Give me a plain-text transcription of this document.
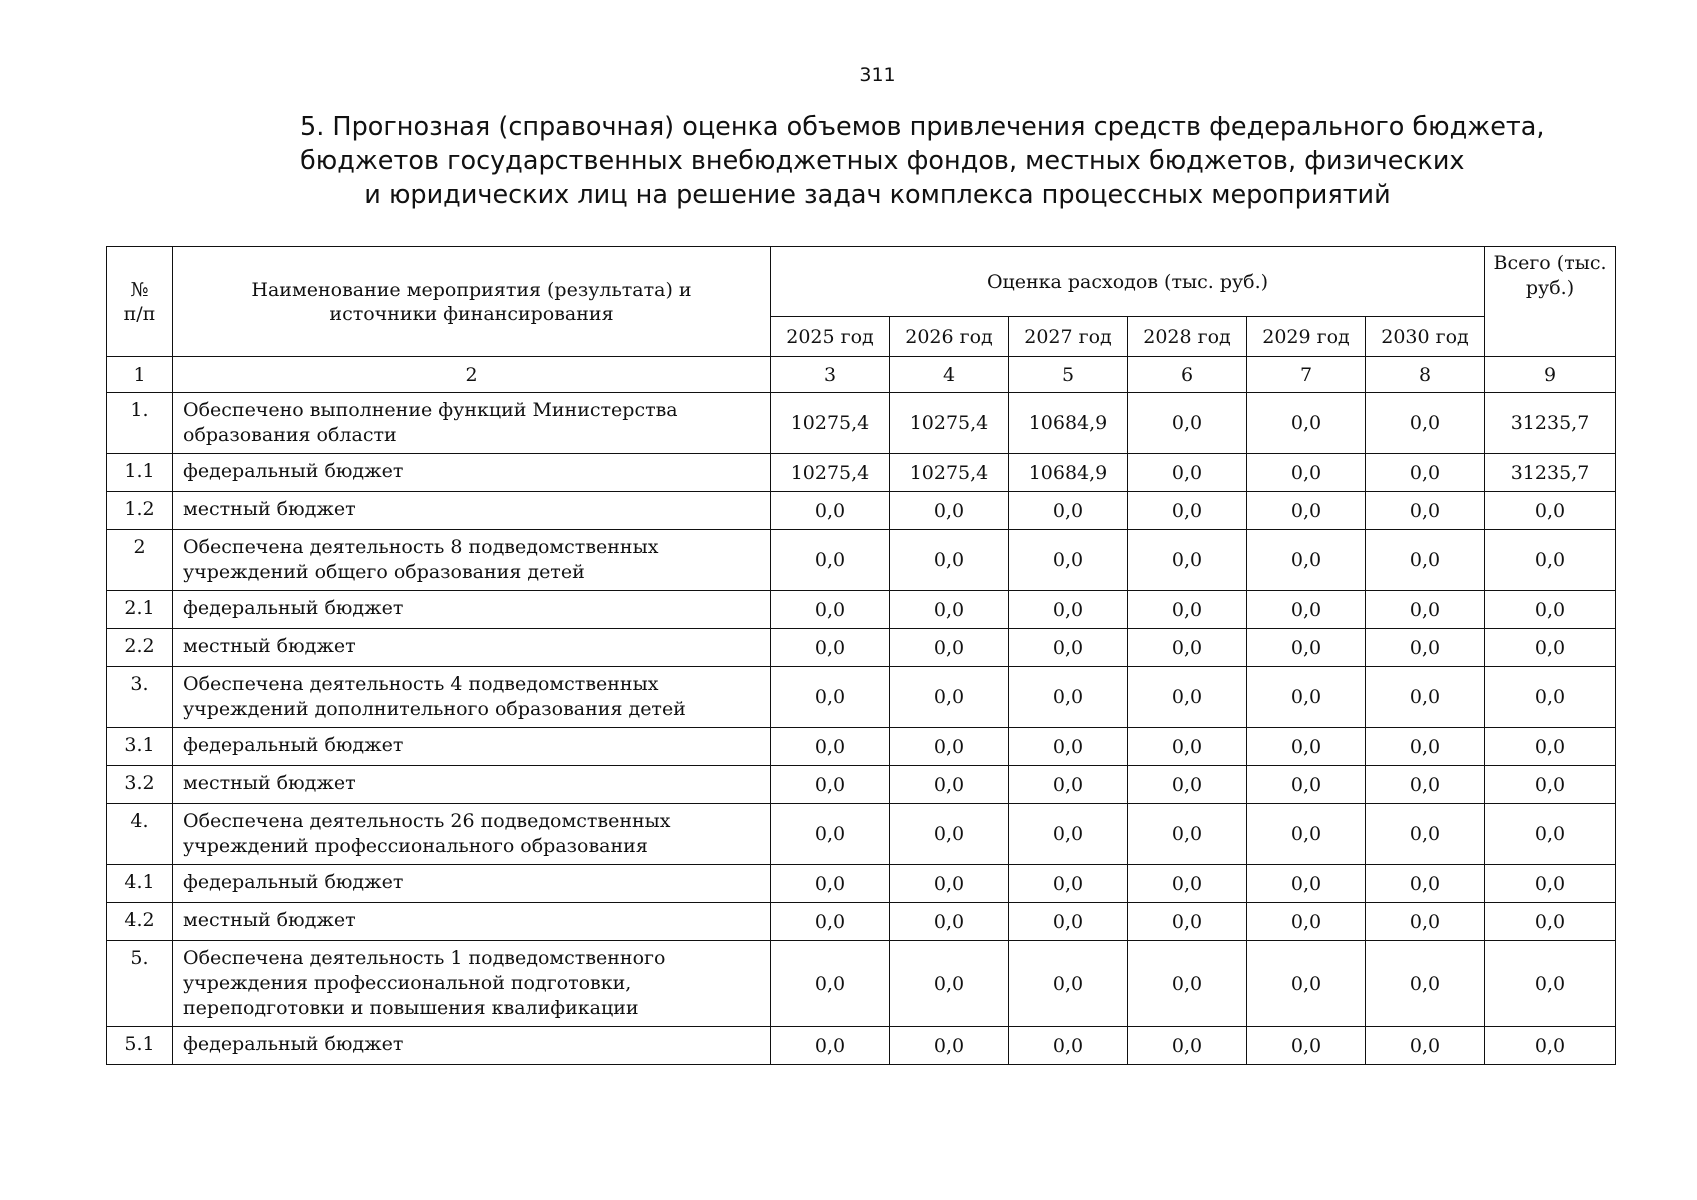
311
5. Прогнозная (справочная) оценка объемов привлечения средств федерального бюджета,
бюджетов государственных внебюджетных фондов, местных бюджетов, физических
и юридических лиц на решение задач комплекса процессных мероприятий
№ п/п	Наименование мероприятия (результата) и источники финансирования	Оценка расходов (тыс. руб.)						Всего (тыс. руб.)
		2025 год	2026 год	2027 год	2028 год	2029 год	2030 год	
1	2	3	4	5	6	7	8	9
1.	Обеспечено выполнение функций Министерства образования области	10275,4	10275,4	10684,9	0,0	0,0	0,0	31235,7
1.1	федеральный бюджет	10275,4	10275,4	10684,9	0,0	0,0	0,0	31235,7
1.2	местный бюджет	0,0	0,0	0,0	0,0	0,0	0,0	0,0
2	Обеспечена деятельность 8 подведомственных учреждений общего образования детей	0,0	0,0	0,0	0,0	0,0	0,0	0,0
2.1	федеральный бюджет	0,0	0,0	0,0	0,0	0,0	0,0	0,0
2.2	местный бюджет	0,0	0,0	0,0	0,0	0,0	0,0	0,0
3.	Обеспечена деятельность 4 подведомственных учреждений дополнительного образования детей	0,0	0,0	0,0	0,0	0,0	0,0	0,0
3.1	федеральный бюджет	0,0	0,0	0,0	0,0	0,0	0,0	0,0
3.2	местный бюджет	0,0	0,0	0,0	0,0	0,0	0,0	0,0
4.	Обеспечена деятельность 26 подведомственных учреждений профессионального образования	0,0	0,0	0,0	0,0	0,0	0,0	0,0
4.1	федеральный бюджет	0,0	0,0	0,0	0,0	0,0	0,0	0,0
4.2	местный бюджет	0,0	0,0	0,0	0,0	0,0	0,0	0,0
5.	Обеспечена деятельность 1 подведомственного учреждения профессиональной подготовки, переподготовки и повышения квалификации	0,0	0,0	0,0	0,0	0,0	0,0	0,0
5.1	федеральный бюджет	0,0	0,0	0,0	0,0	0,0	0,0	0,0
